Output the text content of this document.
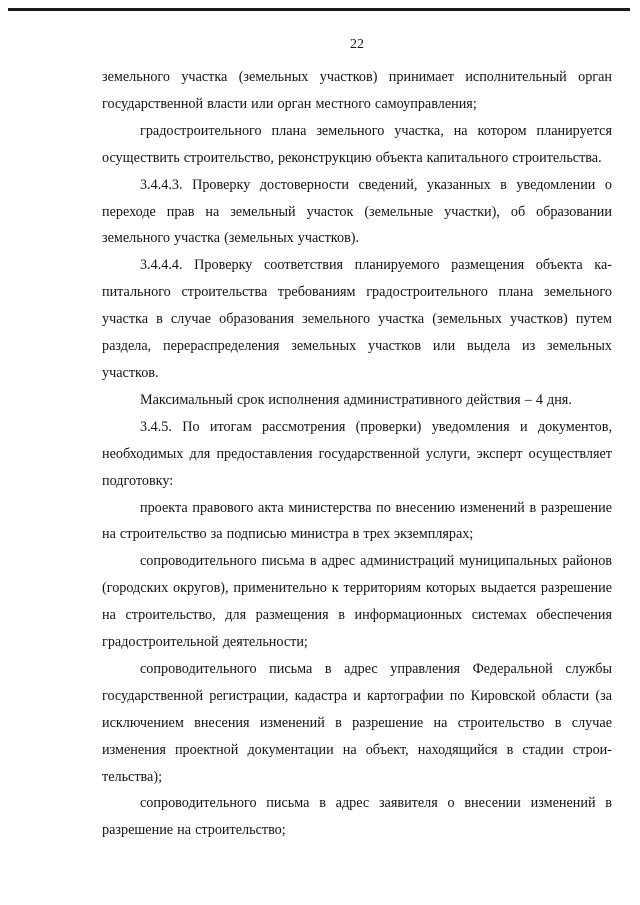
22

земельного участка (земельных участков) принимает исполнительный орган государственной власти или орган местного самоуправления;

градостроительного плана земельного участка, на котором планируется осуществить строительство, реконструкцию объекта капитального строительства.

3.4.4.3. Проверку достоверности сведений, указанных в уведомлении о переходе прав на земельный участок (земельные участки), об образовании земельного участка (земельных участков).

3.4.4.4. Проверку соответствия планируемого размещения объекта капитального строительства требованиям градостроительного плана земельного участка в случае образования земельного участка (земельных участков) путем раздела, перераспределения земельных участков или выдела из земельных участков.

Максимальный срок исполнения административного действия – 4 дня.

3.4.5. По итогам рассмотрения (проверки) уведомления и документов, необходимых для предоставления государственной услуги, эксперт осуществляет подготовку:

проекта правового акта министерства по внесению изменений в разрешение на строительство за подписью министра в трех экземплярах;

сопроводительного письма в адрес администраций муниципальных районов (городских округов), применительно к территориям которых выдается разрешение на строительство, для размещения в информационных системах обеспечения градостроительной деятельности;

сопроводительного письма в адрес управления Федеральной службы государственной регистрации, кадастра и картографии по Кировской области (за исключением внесения изменений в разрешение на строительство в случае изменения проектной документации на объект, находящийся в стадии строительства);

сопроводительного письма в адрес заявителя о внесении изменений в разрешение на строительство;
